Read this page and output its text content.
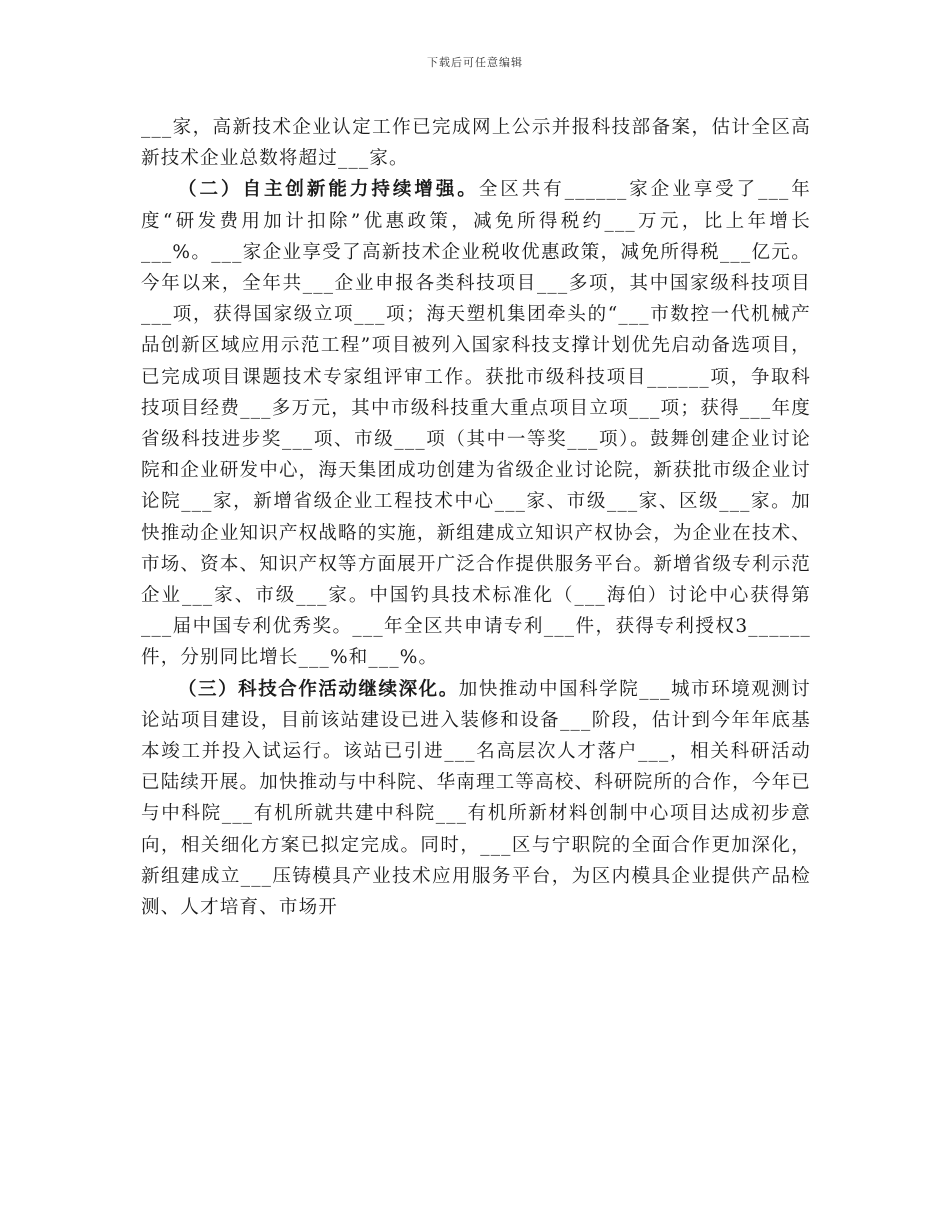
下载后可任意编辑

___家，高新技术企业认定工作已完成网上公示并报科技部备案，估计全区高新技术企业总数将超过___家。

（二）自主创新能力持续增强。全区共有______家企业享受了___年度“研发费用加计扣除”优惠政策，减免所得税约___万元，比上年增长___%。___家企业享受了高新技术企业税收优惠政策，减免所得税___亿元。今年以来，全年共___企业申报各类科技项目___多项，其中国家级科技项目___项，获得国家级立项___项；海天塑机集团牵头的“___市数控一代机械产品创新区域应用示范工程”项目被列入国家科技支撑计划优先启动备选项目，已完成项目课题技术专家组评审工作。获批市级科技项目______项，争取科技项目经费___多万元，其中市级科技重大重点项目立项___项；获得___年度省级科技进步奖___项、市级___项（其中一等奖___项）。鼓舞创建企业讨论院和企业研发中心，海天集团成功创建为省级企业讨论院，新获批市级企业讨论院___家，新增省级企业工程技术中心___家、市级___家、区级___家。加快推动企业知识产权战略的实施，新组建成立知识产权协会，为企业在技术、市场、资本、知识产权等方面展开广泛合作提供服务平台。新增省级专利示范企业___家、市级___家。中国钓具技术标准化（___海伯）讨论中心获得第___届中国专利优秀奖。___年全区共申请专利___件，获得专利授权3______件，分别同比增长___%和___%。

（三）科技合作活动继续深化。加快推动中国科学院___城市环境观测讨论站项目建设，目前该站建设已进入装修和设备___阶段，估计到今年年底基本竣工并投入试运行。该站已引进___名高层次人才落户___，相关科研活动已陆续开展。加快推动与中科院、华南理工等高校、科研院所的合作，今年已与中科院___有机所就共建中科院___有机所新材料创制中心项目达成初步意向，相关细化方案已拟定完成。同时，___区与宁职院的全面合作更加深化，新组建成立___压铸模具产业技术应用服务平台，为区内模具企业提供产品检测、人才培育、市场开
